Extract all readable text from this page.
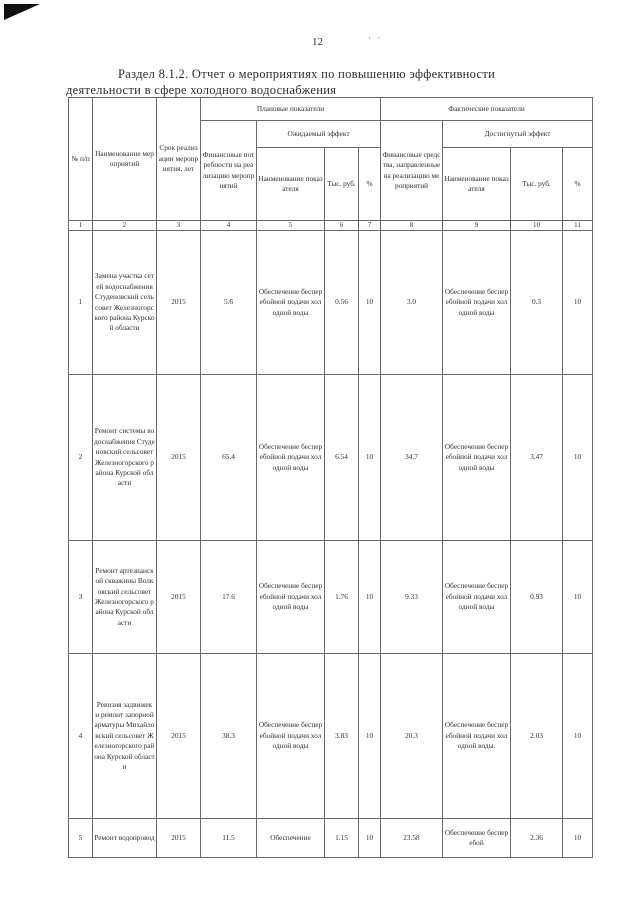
12	· ·
Раздел 8.1.2. Отчет о мероприятиях по повышению эффективности
деятельности в сфере холодного водоснабжения
№ п/п	Наименование мероприятий	Срок реализации мероприятия, лет	Плановые показатели				Фактические показатели			
			Финансовые потребности на реализацию мероприятий	Ожидаемый эффект			Финансовые средства, направленные на реализацию мероприятий	Достигнутый эффект		
				Наименование показателя	Тыс. руб.	%		Наименование показателя	Тыс. руб.	%
1	2	3	4	5	6	7	8	9	10	11
1	Замена участка сетей водоснабжения Студеновский сельсовет Железногорского района Курской области	2015	5.6	Обеспечение бесперебойной подачи холодной воды	0.56	10	3.0	Обеспечение бесперебойной подачи холодной воды	0.3	10
2	Ремонт системы водоснабжения Студеновский сельсовет Железногорского района Курской области	2015	65.4	Обеспечение бесперебойной подачи холодной воды	6.54	10	34.7	Обеспечение бесперебойной подачи холодной воды	3.47	10
3	Ремонт артезианской скважины Волковский сельсовет Железногорского района Курской области	2015	17.6	Обеспечение бесперебойной подачи холодной воды	1.76	10	9.33	Обеспечение бесперебойной подачи холодной воды	0.93	10
4	Ревизия задвижек и ремонт запорной арматуры Михайловский сельсовет Железногорского района Курской области	2015	38.3	Обеспечение бесперебойной подачи холодной воды	3.83	10	20.3	Обеспечение бесперебойной подачи холодной воды.	2.03	10
5	Ремонт водопровод	2015	11.5	Обеспечение	1.15	10	23.58	Обеспечение бесперебой	2.36	10
